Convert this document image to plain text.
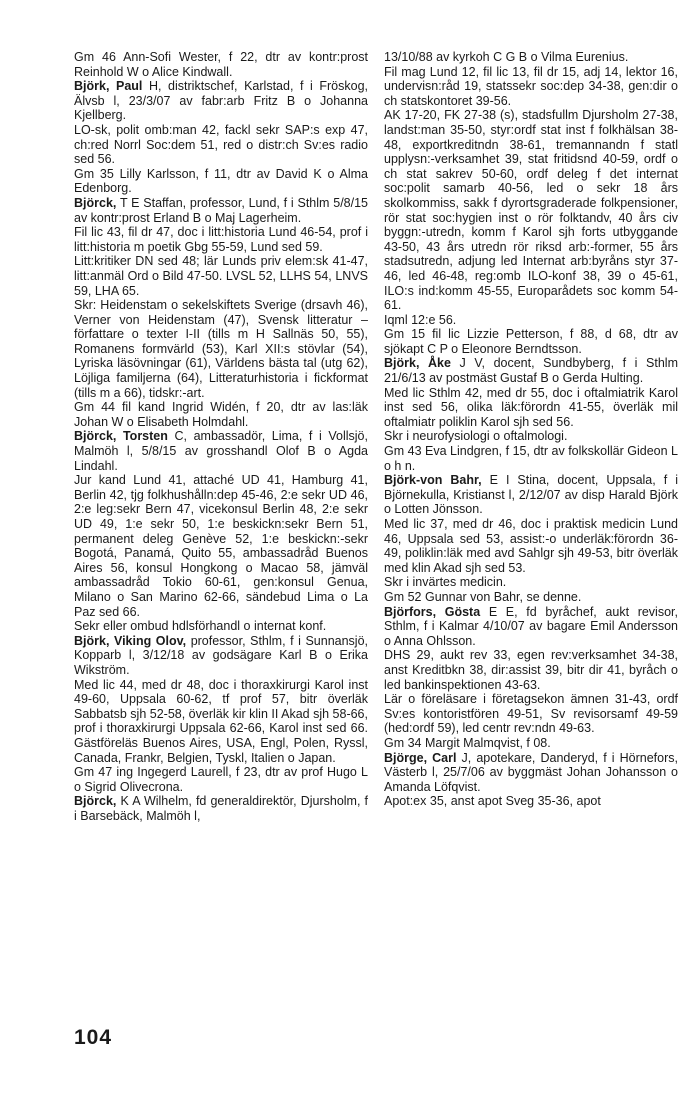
Gm 46 Ann-Sofi Wester, f 22, dtr av kontr:prost Reinhold W o Alice Kindwall.

Björk, Paul H, distriktschef, Karlstad, f i Fröskog, Älvsb l, 23/3/07 av fabr:arb Fritz B o Johanna Kjellberg.

LO-sk, polit omb:man 42, fackl sekr SAP:s exp 47, ch:red Norrl Soc:dem 51, red o distr:ch Sv:es radio sed 56.

Gm 35 Lilly Karlsson, f 11, dtr av David K o Alma Edenborg.

Björck, T E Staffan, professor, Lund, f i Sthlm 5/8/15 av kontr:prost Erland B o Maj Lagerheim.

Fil lic 43, fil dr 47, doc i litt:historia Lund 46-54, prof i litt:historia m poetik Gbg 55-59, Lund sed 59.

Litt:kritiker DN sed 48; lär Lunds priv elem:sk 41-47, litt:anmäl Ord o Bild 47-50. LVSL 52, LLHS 54, LNVS 59, LHA 65.

Skr: Heidenstam o sekelskiftets Sverige (drsavh 46), Verner von Heidenstam (47), Svensk litteratur – författare o texter I-II (tills m H Sallnäs 50, 55), Romanens formvärld (53), Karl XII:s stövlar (54), Lyriska läsövningar (61), Världens bästa tal (utg 62), Löjliga familjerna (64), Litteraturhistoria i fickformat (tills m a 66), tidskr:-art.

Gm 44 fil kand Ingrid Widén, f 20, dtr av las:läk Johan W o Elisabeth Holmdahl.

Björck, Torsten C, ambassadör, Lima, f i Vollsjö, Malmöh l, 5/8/15 av grosshandl Olof B o Agda Lindahl.

Jur kand Lund 41, attaché UD 41, Hamburg 41, Berlin 42, tjg folkhushålln:dep 45-46, 2:e sekr UD 46, 2:e leg:sekr Bern 47, vicekonsul Berlin 48, 2:e sekr UD 49, 1:e sekr 50, 1:e beskickn:sekr Bern 51, permanent deleg Genève 52, 1:e beskickn:-sekr Bogotá, Panamá, Quito 55, ambassadråd Buenos Aires 56, konsul Hongkong o Macao 58, jämväl ambassadråd Tokio 60-61, gen:konsul Genua, Milano o San Marino 62-66, sändebud Lima o La Paz sed 66.

Sekr eller ombud hdlsförhandl o internat konf.

Björk, Viking Olov, professor, Sthlm, f i Sunnansjö, Kopparb l, 3/12/18 av godsägare Karl B o Erika Wikström.

Med lic 44, med dr 48, doc i thoraxkirurgi Karol inst 49-60, Uppsala 60-62, tf prof 57, bitr överläk Sabbatsb sjh 52-58, överläk kir klin II Akad sjh 58-66, prof i thoraxkirurgi Uppsala 62-66, Karol inst sed 66. Gästföreläs Buenos Aires, USA, Engl, Polen, Ryssl, Canada, Frankr, Belgien, Tyskl, Italien o Japan.

Gm 47 ing Ingegerd Laurell, f 23, dtr av prof Hugo L o Sigrid Olivecrona.

Björck, K A Wilhelm, fd generaldirektör, Djursholm, f i Barsebäck, Malmöh l,

13/10/88 av kyrkoh C G B o Vilma Eurenius.

Fil mag Lund 12, fil lic 13, fil dr 15, adj 14, lektor 16, undervisn:råd 19, statssekr soc:dep 34-38, gen:dir o ch statskontoret 39-56.

AK 17-20, FK 27-38 (s), stadsfullm Djursholm 27-38, landst:man 35-50, styr:ordf stat inst f folkhälsan 38-48, exportkreditndn 38-61, tremannandn f statl upplysn:-verksamhet 39, stat fritidsnd 40-59, ordf o ch stat sakrev 50-60, ordf deleg f det internat soc:polit samarb 40-56, led o sekr 18 års skolkommiss, sakk f dyrortsgraderade folkpensioner, rör stat soc:hygien inst o rör folktandv, 40 års civ byggn:-utredn, komm f Karol sjh forts utbyggande 43-50, 43 års utredn rör riksd arb:-former, 55 års stadsutredn, adjung led Internat arb:byråns styr 37-46, led 46-48, reg:omb ILO-konf 38, 39 o 45-61, ILO:s ind:komm 45-55, Europarådets soc komm 54-61.

Iqml 12:e 56.

Gm 15 fil lic Lizzie Petterson, f 88, d 68, dtr av sjökapt C P o Eleonore Berndtsson.

Björk, Åke J V, docent, Sundbyberg, f i Sthlm 21/6/13 av postmäst Gustaf B o Gerda Hulting.

Med lic Sthlm 42, med dr 55, doc i oftalmiatrik Karol inst sed 56, olika läk:förordn 41-55, överläk mil oftalmiatr poliklin Karol sjh sed 56.

Skr i neurofysiologi o oftalmologi.

Gm 43 Eva Lindgren, f 15, dtr av folkskollär Gideon L o h n.

Björk-von Bahr, E I Stina, docent, Uppsala, f i Björnekulla, Kristianst l, 2/12/07 av disp Harald Björk o Lotten Jönsson.

Med lic 37, med dr 46, doc i praktisk medicin Lund 46, Uppsala sed 53, assist:-o underläk:förordn 36-49, poliklin:läk med avd Sahlgr sjh 49-53, bitr överläk med klin Akad sjh sed 53.

Skr i invärtes medicin.

Gm 52 Gunnar von Bahr, se denne.

Björfors, Gösta E E, fd byråchef, aukt revisor, Sthlm, f i Kalmar 4/10/07 av bagare Emil Andersson o Anna Ohlsson.

DHS 29, aukt rev 33, egen rev:verksamhet 34-38, anst Kreditbkn 38, dir:assist 39, bitr dir 41, byråch o led bankinspektionen 43-63.

Lär o föreläsare i företagsekon ämnen 31-43, ordf Sv:es kontoristfören 49-51, Sv revisorsamf 49-59 (hed:ordf 59), led centr rev:ndn 49-63.

Gm 34 Margit Malmqvist, f 08.

Björge, Carl J, apotekare, Danderyd, f i Hörnefors, Västerb l, 25/7/06 av byggmäst Johan Johansson o Amanda Löfqvist.

Apot:ex 35, anst apot Sveg 35-36, apot

104
